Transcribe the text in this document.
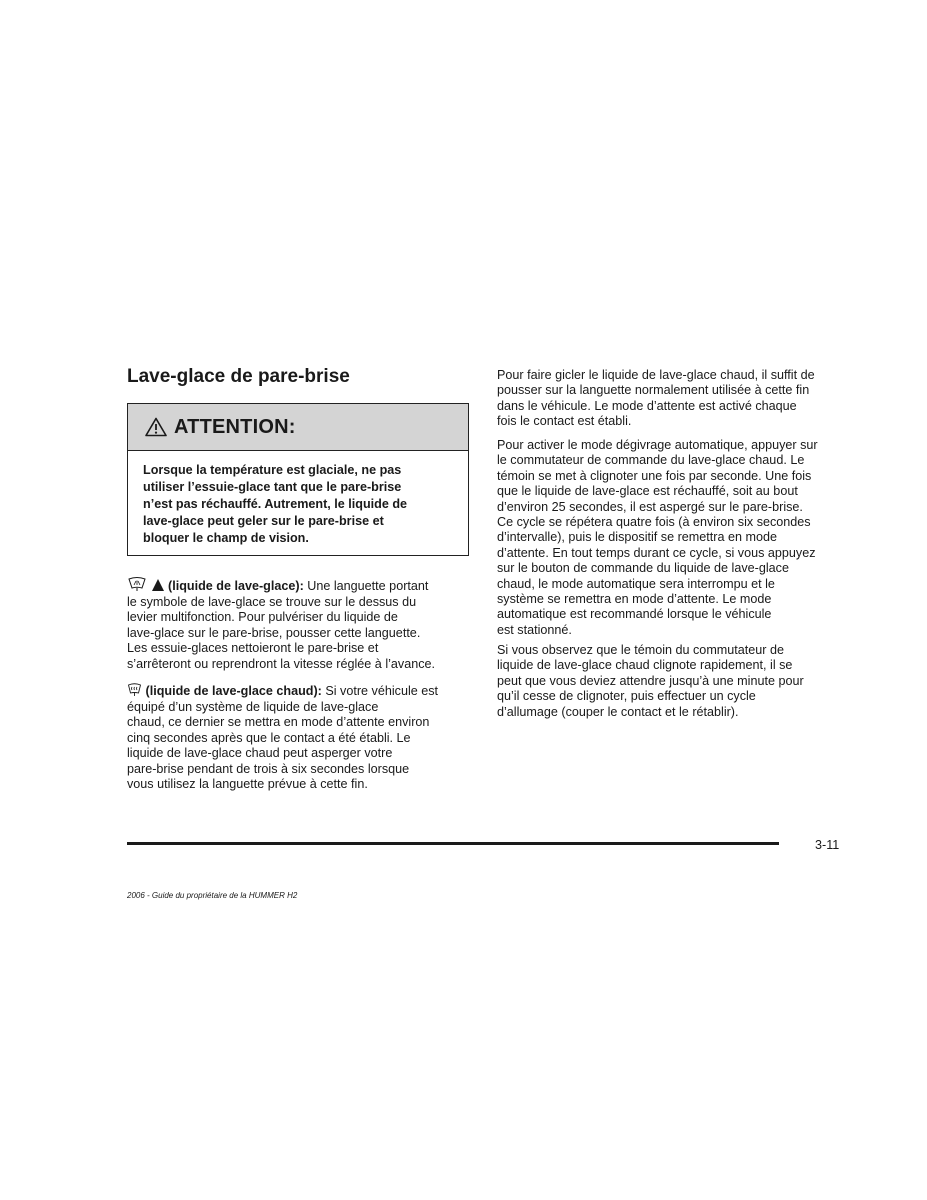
Lave-glace de pare-brise
ATTENTION:
Lorsque la température est glaciale, ne pas
utiliser l’essuie-glace tant que le pare-brise
n’est pas réchauffé. Autrement, le liquide de
lave-glace peut geler sur le pare-brise et
bloquer le champ de vision.
(liquide de lave-glace): Une languette portant
le symbole de lave-glace se trouve sur le dessus du
levier multifonction. Pour pulvériser du liquide de
lave-glace sur le pare-brise, pousser cette languette.
Les essuie-glaces nettoieront le pare-brise et
s’arrêteront ou reprendront la vitesse réglée à l’avance.
(liquide de lave-glace chaud): Si votre véhicule est
équipé d’un système de liquide de lave-glace
chaud, ce dernier se mettra en mode d’attente environ
cinq secondes après que le contact a été établi. Le
liquide de lave-glace chaud peut asperger votre
pare-brise pendant de trois à six secondes lorsque
vous utilisez la languette prévue à cette fin.
Pour faire gicler le liquide de lave-glace chaud, il suffit de
pousser sur la languette normalement utilisée à cette fin
dans le véhicule. Le mode d’attente est activé chaque
fois le contact est établi.
Pour activer le mode dégivrage automatique, appuyer sur
le commutateur de commande du lave-glace chaud. Le
témoin se met à clignoter une fois par seconde. Une fois
que le liquide de lave-glace est réchauffé, soit au bout
d’environ 25 secondes, il est aspergé sur le pare-brise.
Ce cycle se répétera quatre fois (à environ six secondes
d’intervalle), puis le dispositif se remettra en mode
d’attente. En tout temps durant ce cycle, si vous appuyez
sur le bouton de commande du liquide de lave-glace
chaud, le mode automatique sera interrompu et le
système se remettra en mode d’attente. Le mode
automatique est recommandé lorsque le véhicule
est stationné.
Si vous observez que le témoin du commutateur de
liquide de lave-glace chaud clignote rapidement, il se
peut que vous deviez attendre jusqu’à une minute pour
qu’il cesse de clignoter, puis effectuer un cycle
d’allumage (couper le contact et le rétablir).
3-11
2006 - Guide du propriétaire de la HUMMER H2
